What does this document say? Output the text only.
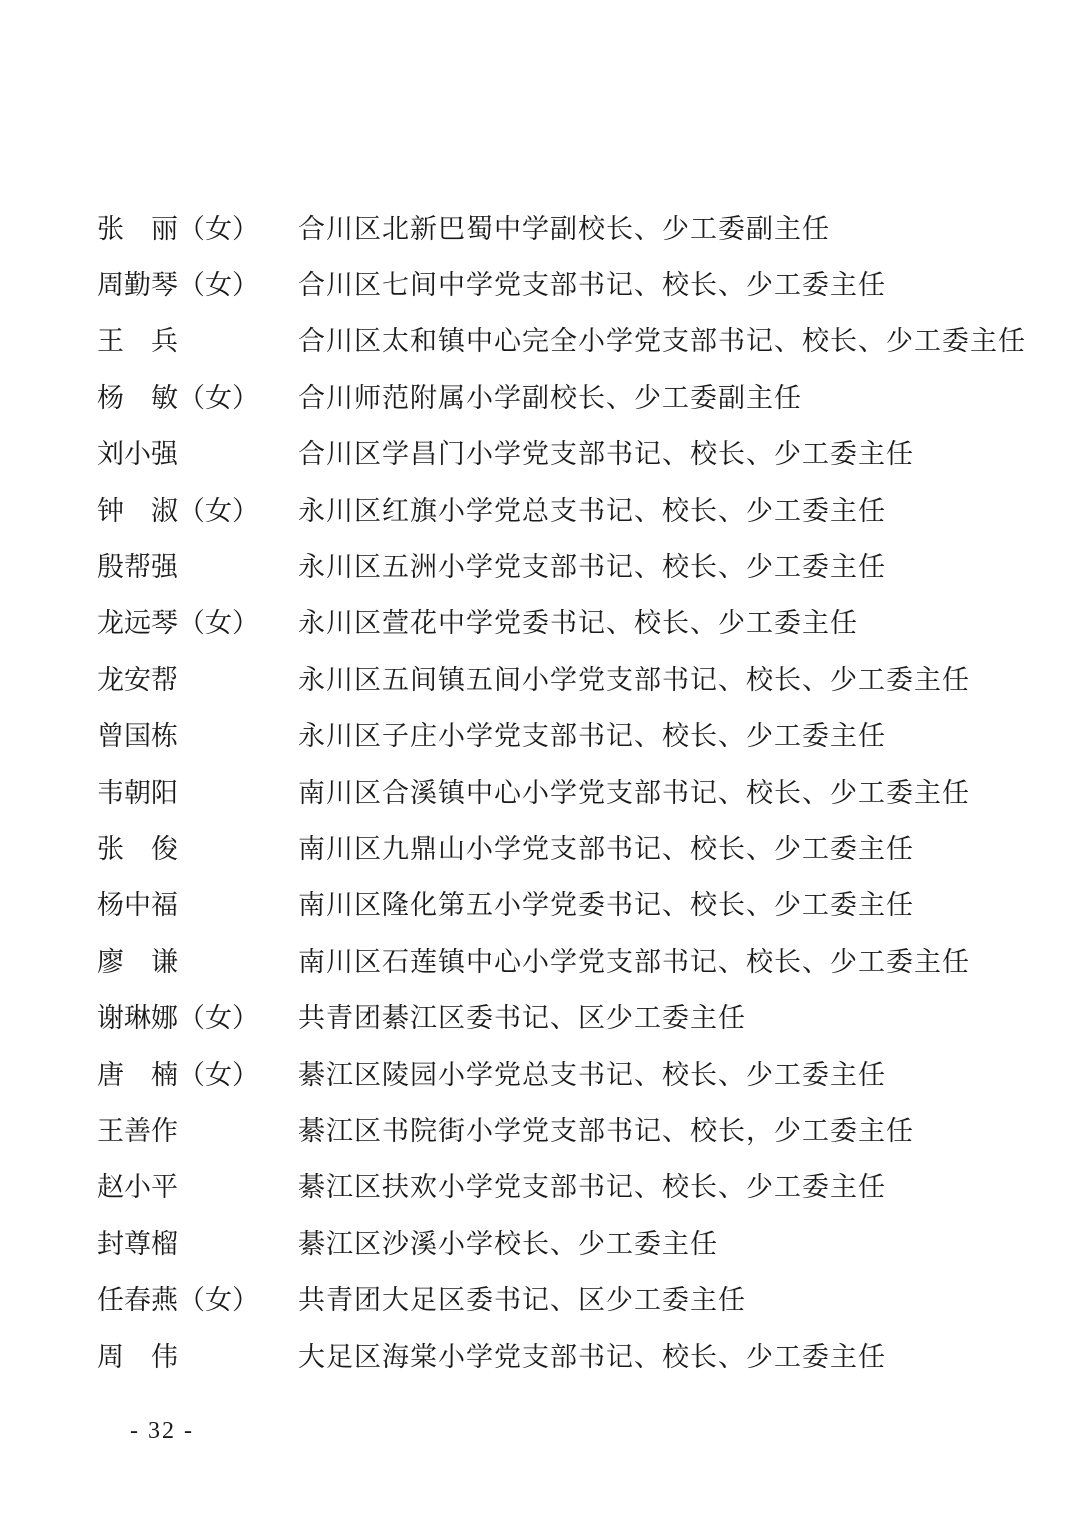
张　丽（女）	合川区北新巴蜀中学副校长、少工委副主任
周勤琴（女）	合川区七间中学党支部书记、校长、少工委主任
王　兵	合川区太和镇中心完全小学党支部书记、校长、少工委主任
杨　敏（女）	合川师范附属小学副校长、少工委副主任
刘小强	合川区学昌门小学党支部书记、校长、少工委主任
钟　淑（女）	永川区红旗小学党总支书记、校长、少工委主任
殷帮强	永川区五洲小学党支部书记、校长、少工委主任
龙远琴（女）	永川区萱花中学党委书记、校长、少工委主任
龙安帮	永川区五间镇五间小学党支部书记、校长、少工委主任
曾国栋	永川区子庄小学党支部书记、校长、少工委主任
韦朝阳	南川区合溪镇中心小学党支部书记、校长、少工委主任
张　俊	南川区九鼎山小学党支部书记、校长、少工委主任
杨中福	南川区隆化第五小学党委书记、校长、少工委主任
廖　谦	南川区石莲镇中心小学党支部书记、校长、少工委主任
谢琳娜（女）	共青团綦江区委书记、区少工委主任
唐　楠（女）	綦江区陵园小学党总支书记、校长、少工委主任
王善作	綦江区书院街小学党支部书记、校长，少工委主任
赵小平	綦江区扶欢小学党支部书记、校长、少工委主任
封尊榴	綦江区沙溪小学校长、少工委主任
任春燕（女）	共青团大足区委书记、区少工委主任
周　伟	大足区海棠小学党支部书记、校长、少工委主任
- 32 -
